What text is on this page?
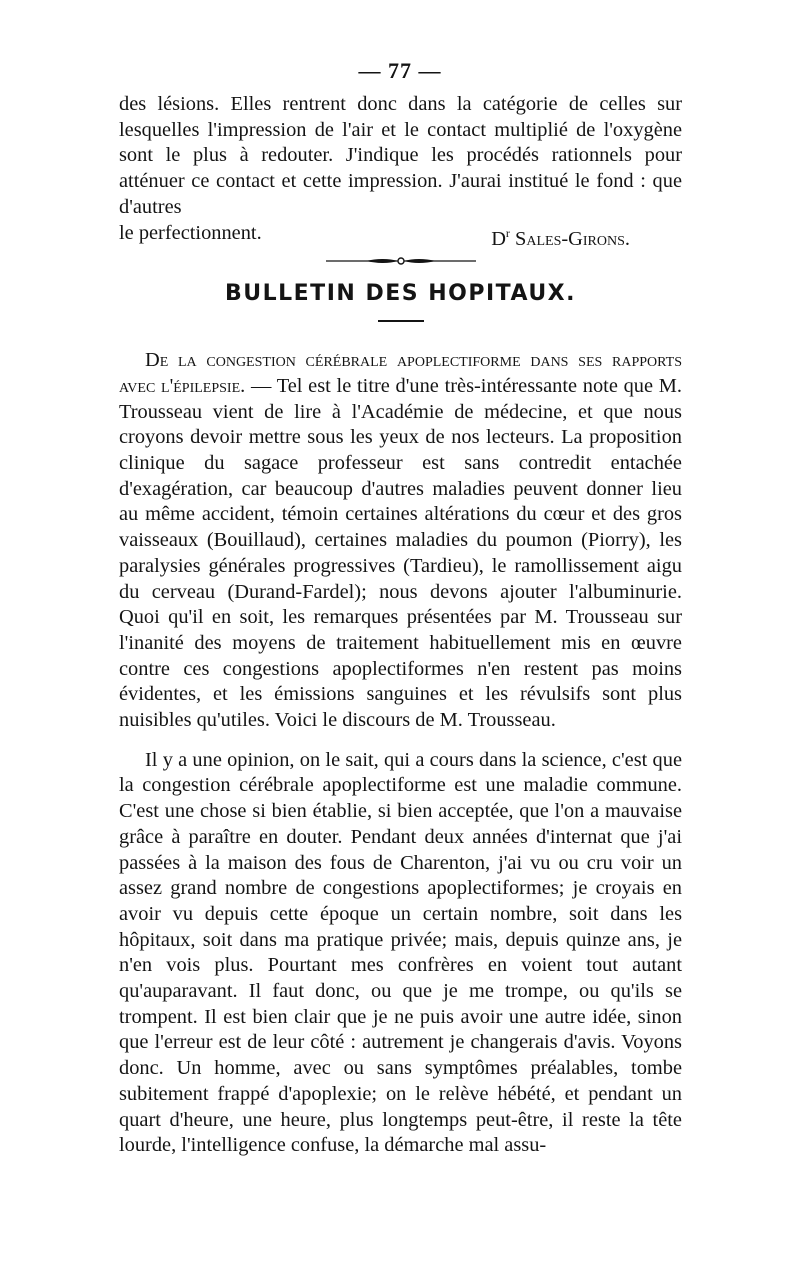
— 77 —

des lésions. Elles rentrent donc dans la catégorie de celles sur lesquelles l'impression de l'air et le contact multiplié de l'oxygène sont le plus à redouter. J'indique les procédés rationnels pour atténuer ce contact et cette impression. J'aurai institué le fond : que d'autres

le perfectionnent.	$D^r$ Sales-Girons.
BULLETIN DES HOPITAUX.

De la congestion cérébrale apoplectiforme dans ses rapports avec l'épilepsie. — Tel est le titre d'une très-intéressante note que M. Trousseau vient de lire à l'Académie de médecine, et que nous croyons devoir mettre sous les yeux de nos lecteurs. La proposition clinique du sagace professeur est sans contredit entachée d'exagération, car beaucoup d'autres maladies peuvent donner lieu au même accident, témoin certaines altérations du cœur et des gros vaisseaux (Bouillaud), certaines maladies du poumon (Piorry), les paralysies générales progressives (Tardieu), le ramollissement aigu du cerveau (Durand-Fardel); nous devons ajouter l'albuminurie. Quoi qu'il en soit, les remarques présentées par M. Trousseau sur l'inanité des moyens de traitement habituellement mis en œuvre contre ces congestions apoplectiformes n'en restent pas moins évidentes, et les émissions sanguines et les révulsifs sont plus nuisibles qu'utiles. Voici le discours de M. Trousseau.

Il y a une opinion, on le sait, qui a cours dans la science, c'est que la congestion cérébrale apoplectiforme est une maladie commune. C'est une chose si bien établie, si bien acceptée, que l'on a mauvaise grâce à paraître en douter. Pendant deux années d'internat que j'ai passées à la maison des fous de Charenton, j'ai vu ou cru voir un assez grand nombre de congestions apoplectiformes; je croyais en avoir vu depuis cette époque un certain nombre, soit dans les hôpitaux, soit dans ma pratique privée; mais, depuis quinze ans, je n'en vois plus. Pourtant mes confrères en voient tout autant qu'auparavant. Il faut donc, ou que je me trompe, ou qu'ils se trompent. Il est bien clair que je ne puis avoir une autre idée, sinon que l'erreur est de leur côté : autrement je changerais d'avis. Voyons donc. Un homme, avec ou sans symptômes préalables, tombe subitement frappé d'apoplexie; on le relève hébété, et pendant un quart d'heure, une heure, plus longtemps peut-être, il reste la tête lourde, l'intelligence confuse, la démarche mal assu-
